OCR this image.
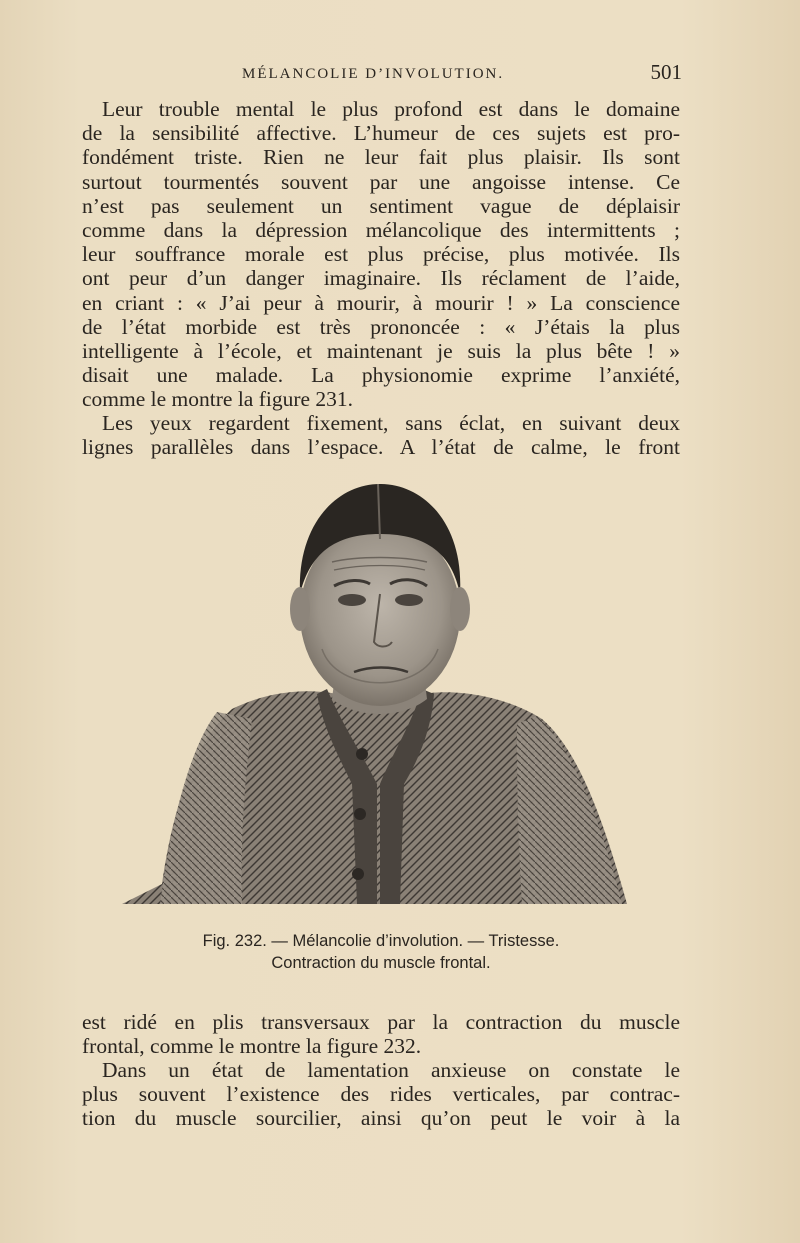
MÉLANCOLIE D’INVOLUTION.	501
Leur trouble mental le plus profond est dans le domaine
de la sensibilité affective. L’humeur de ces sujets est pro-
fondément triste. Rien ne leur fait plus plaisir. Ils sont
surtout tourmentés souvent par une angoisse intense. Ce
n’est pas seulement un sentiment vague de déplaisir
comme dans la dépression mélancolique des intermittents ;
leur souffrance morale est plus précise, plus motivée. Ils
ont peur d’un danger imaginaire. Ils réclament de l’aide,
en criant : « J’ai peur à mourir, à mourir ! » La conscience
de l’état morbide est très prononcée : « J’étais la plus
intelligente à l’école, et maintenant je suis la plus bête ! »
disait une malade. La physionomie exprime l’anxiété,
comme le montre la figure 231.
Les yeux regardent fixement, sans éclat, en suivant deux
lignes parallèles dans l’espace. A l’état de calme, le front
Fig. 232. — Mélancolie d’involution. — Tristesse.
Contraction du muscle frontal.
est ridé en plis transversaux par la contraction du muscle
frontal, comme le montre la figure 232.
Dans un état de lamentation anxieuse on constate le
plus souvent l’existence des rides verticales, par contrac-
tion du muscle sourcilier, ainsi qu’on peut le voir à la
